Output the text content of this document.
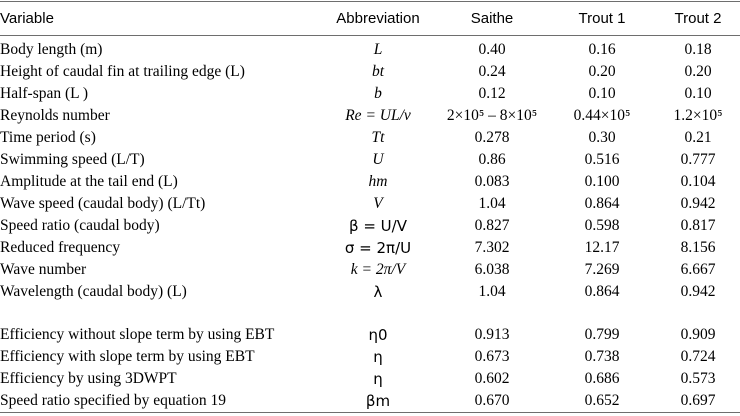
Variable	Abbreviation	Saithe	Trout 1	Trout 2
Body length (m)	L	0.40	0.16	0.18
Height of caudal fin at trailing edge (L)	bt	0.24	0.20	0.20
Half-span (L )	b	0.12	0.10	0.10
Reynolds number	Re = UL/ν	2×10⁵ – 8×10⁵	0.44×10⁵	1.2×10⁵
Time period (s)	Tt	0.278	0.30	0.21
Swimming speed (L/T)	U	0.86	0.516	0.777
Amplitude at the tail end (L)	hm	0.083	0.100	0.104
Wave speed (caudal body) (L/Tt)	V	1.04	0.864	0.942
Speed ratio (caudal body)	β = U/V	0.827	0.598	0.817
Reduced frequency	σ = 2π/U	7.302	12.17	8.156
Wave number	k = 2π/V	6.038	7.269	6.667
Wavelength (caudal body) (L)	λ	1.04	0.864	0.942
Efficiency without slope term by using EBT	η0	0.913	0.799	0.909
Efficiency with slope term by using EBT	η	0.673	0.738	0.724
Efficiency by using 3DWPT	η	0.602	0.686	0.573
Speed ratio specified by equation 19	βm	0.670	0.652	0.697
